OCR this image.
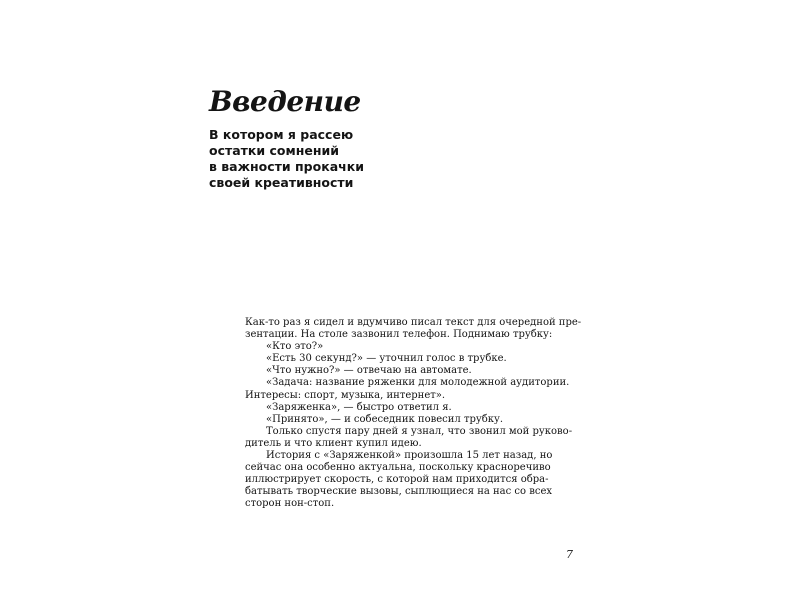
Введение
В котором я рассею
остатки сомнений
в важности прокачки
своей креативности
Как-то раз я сидел и вдумчиво писал текст для очередной пре-
зентации. На столе зазвонил телефон. Поднимаю трубку:
«Кто это?»
«Есть 30 секунд?» — уточнил голос в трубке.
«Что нужно?» — отвечаю на автомате.
«Задача: название ряженки для молодежной аудитории.
Интересы: спорт, музыка, интернет».
«Заряженка», — быстро ответил я.
«Принято», — и собеседник повесил трубку.
Только спустя пару дней я узнал, что звонил мой руково-
дитель и что клиент купил идею.
История с «Заряженкой» произошла 15 лет назад, но
сейчас она особенно актуальна, поскольку красноречиво
иллюстрирует скорость, с которой нам приходится обра-
батывать творческие вызовы, сыплющиеся на нас со всех
сторон нон-стоп.
7
